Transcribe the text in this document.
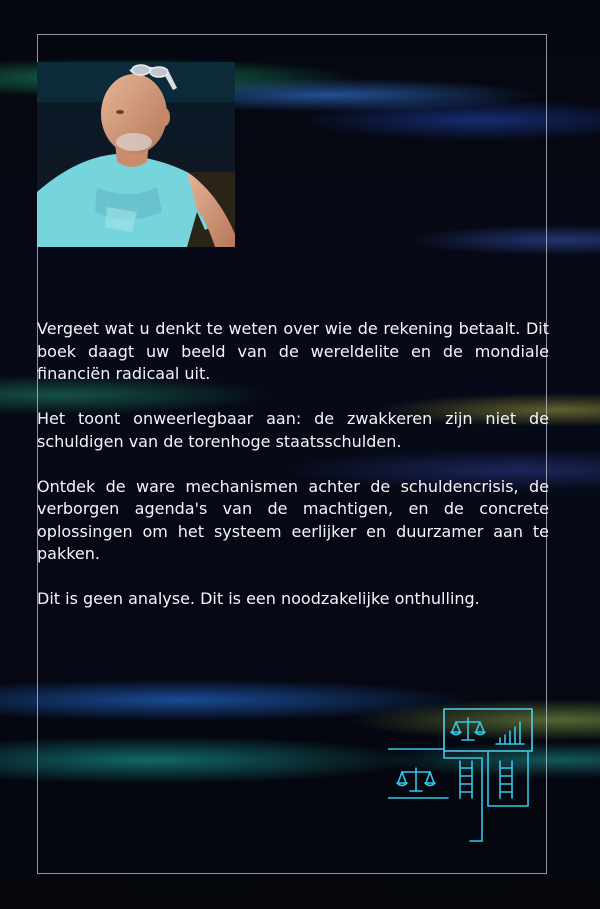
Vergeet wat u denkt te weten over wie de rekening betaalt. Dit boek daagt uw beeld van de wereldelite en de mondiale financiën radicaal uit.

Het toont onweerlegbaar aan: de zwakkeren zijn niet de schuldigen van de torenhoge staatsschulden.

Ontdek de ware mechanismen achter de schuldencrisis, de verborgen agenda's van de machtigen, en de concrete oplossingen om het systeem eerlijker en duurzamer aan te pakken.

Dit is geen analyse. Dit is een noodzakelijke onthulling.
